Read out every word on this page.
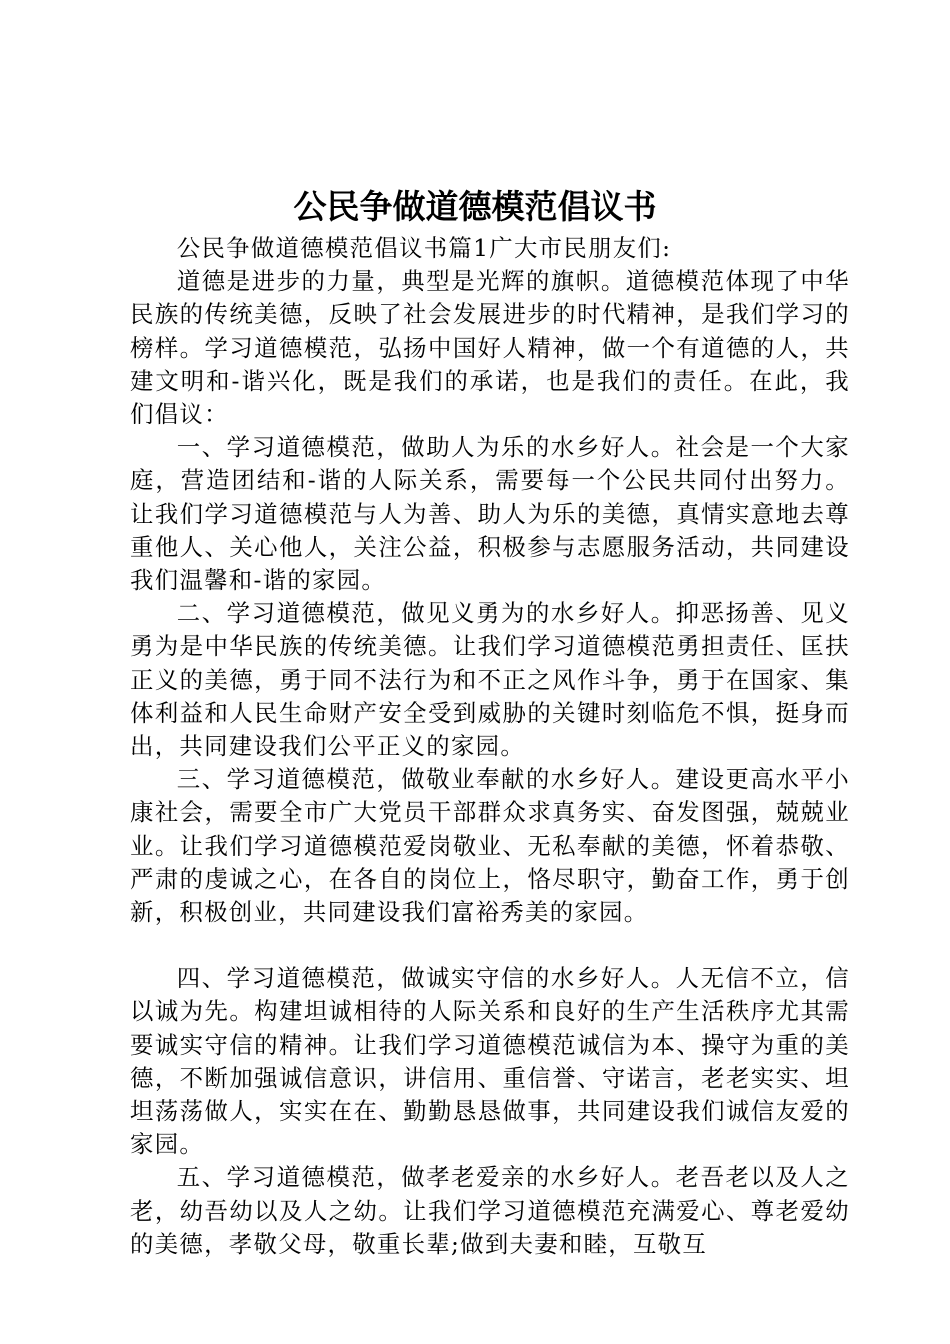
公民争做道德模范倡议书

公民争做道德模范倡议书篇1广大市民朋友们:

道德是进步的力量，典型是光辉的旗帜。道德模范体现了中华民族的传统美德，反映了社会发展进步的时代精神，是我们学习的榜样。学习道德模范，弘扬中国好人精神，做一个有道德的人，共建文明和-谐兴化，既是我们的承诺，也是我们的责任。在此，我们倡议：

一、学习道德模范，做助人为乐的水乡好人。社会是一个大家庭，营造团结和-谐的人际关系，需要每一个公民共同付出努力。让我们学习道德模范与人为善、助人为乐的美德，真情实意地去尊重他人、关心他人，关注公益，积极参与志愿服务活动，共同建设我们温馨和-谐的家园。

二、学习道德模范，做见义勇为的水乡好人。抑恶扬善、见义勇为是中华民族的传统美德。让我们学习道德模范勇担责任、匡扶正义的美德，勇于同不法行为和不正之风作斗争，勇于在国家、集体利益和人民生命财产安全受到威胁的关键时刻临危不惧，挺身而出，共同建设我们公平正义的家园。

三、学习道德模范，做敬业奉献的水乡好人。建设更高水平小康社会，需要全市广大党员干部群众求真务实、奋发图强，兢兢业业。让我们学习道德模范爱岗敬业、无私奉献的美德，怀着恭敬、严肃的虔诚之心，在各自的岗位上，恪尽职守，勤奋工作，勇于创新，积极创业，共同建设我们富裕秀美的家园。

四、学习道德模范，做诚实守信的水乡好人。人无信不立，信以诚为先。构建坦诚相待的人际关系和良好的生产生活秩序尤其需要诚实守信的精神。让我们学习道德模范诚信为本、操守为重的美德，不断加强诚信意识，讲信用、重信誉、守诺言，老老实实、坦坦荡荡做人，实实在在、勤勤恳恳做事，共同建设我们诚信友爱的家园。

五、学习道德模范，做孝老爱亲的水乡好人。老吾老以及人之老，幼吾幼以及人之幼。让我们学习道德模范充满爱心、尊老爱幼的美德，孝敬父母，敬重长辈;做到夫妻和睦，互敬互
